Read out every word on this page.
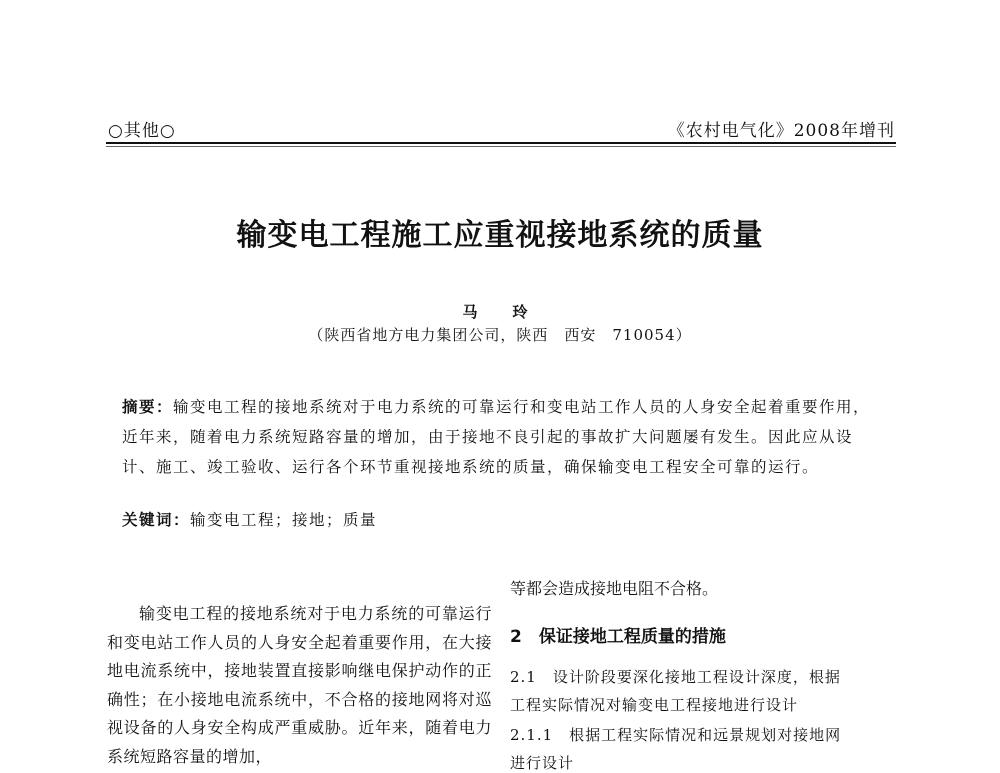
○其他○	《农村电气化》2008年增刊
输变电工程施工应重视接地系统的质量
马　玲
（陕西省地方电力集团公司，陕西　西安　710054）
摘要：输变电工程的接地系统对于电力系统的可靠运行和变电站工作人员的人身安全起着重要作用，近年来，随着电力系统短路容量的增加，由于接地不良引起的事故扩大问题屡有发生。因此应从设计、施工、竣工验收、运行各个环节重视接地系统的质量，确保输变电工程安全可靠的运行。
关键词：输变电工程；接地；质量

输变电工程的接地系统对于电力系统的可靠运行和变电站工作人员的人身安全起着重要作用，在大接地电流系统中，接地装置直接影响继电保护动作的正确性；在小接地电流系统中，不合格的接地网将对巡视设备的人身安全构成严重威胁。近年来，随着电力系统短路容量的增加，

等都会造成接地电阻不合格。
2　保证接地工程质量的措施
2.1　设计阶段要深化接地工程设计深度，根据
工程实际情况对输变电工程接地进行设计
2.1.1　根据工程实际情况和远景规划对接地网
进行设计
